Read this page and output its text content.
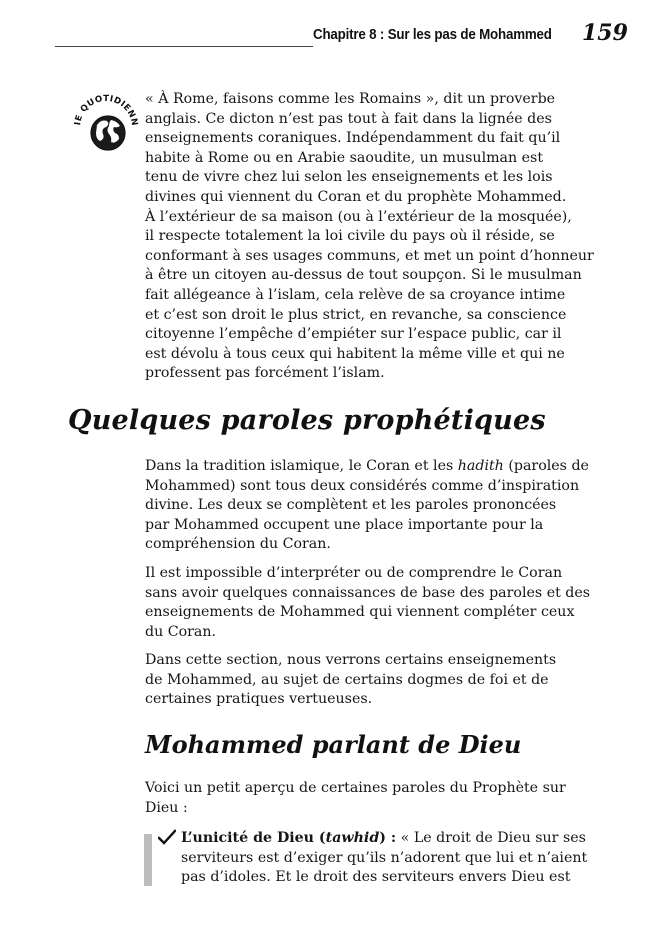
Chapitre 8 : Sur les pas de Mohammed 159
IE QUOTIDIENN

« À Rome, faisons comme les Romains », dit un proverbe
anglais. Ce dicton n’est pas tout à fait dans la lignée des
enseignements coraniques. Indépendamment du fait qu’il
habite à Rome ou en Arabie saoudite, un musulman est
tenu de vivre chez lui selon les enseignements et les lois
divines qui viennent du Coran et du prophète Mohammed.
À l’extérieur de sa maison (ou à l’extérieur de la mosquée),
il respecte totalement la loi civile du pays où il réside, se
conformant à ses usages communs, et met un point d’honneur
à être un citoyen au-dessus de tout soupçon. Si le musulman
fait allégeance à l’islam, cela relève de sa croyance intime
et c’est son droit le plus strict, en revanche, sa conscience
citoyenne l’empêche d’empiéter sur l’espace public, car il
est dévolu à tous ceux qui habitent la même ville et qui ne
professent pas forcément l’islam.

Quelques paroles prophétiques

Dans la tradition islamique, le Coran et les hadith (paroles de
Mohammed) sont tous deux considérés comme d’inspiration
divine. Les deux se complètent et les paroles prononcées
par Mohammed occupent une place importante pour la
compréhension du Coran.

Il est impossible d’interpréter ou de comprendre le Coran
sans avoir quelques connaissances de base des paroles et des
enseignements de Mohammed qui viennent compléter ceux
du Coran.

Dans cette section, nous verrons certains enseignements
de Mohammed, au sujet de certains dogmes de foi et de
certaines pratiques vertueuses.

Mohammed parlant de Dieu

Voici un petit aperçu de certaines paroles du Prophète sur
Dieu :

L’unicité de Dieu (tawhid) : « Le droit de Dieu sur ses
serviteurs est d’exiger qu’ils n’adorent que lui et n’aient
pas d’idoles. Et le droit des serviteurs envers Dieu est
